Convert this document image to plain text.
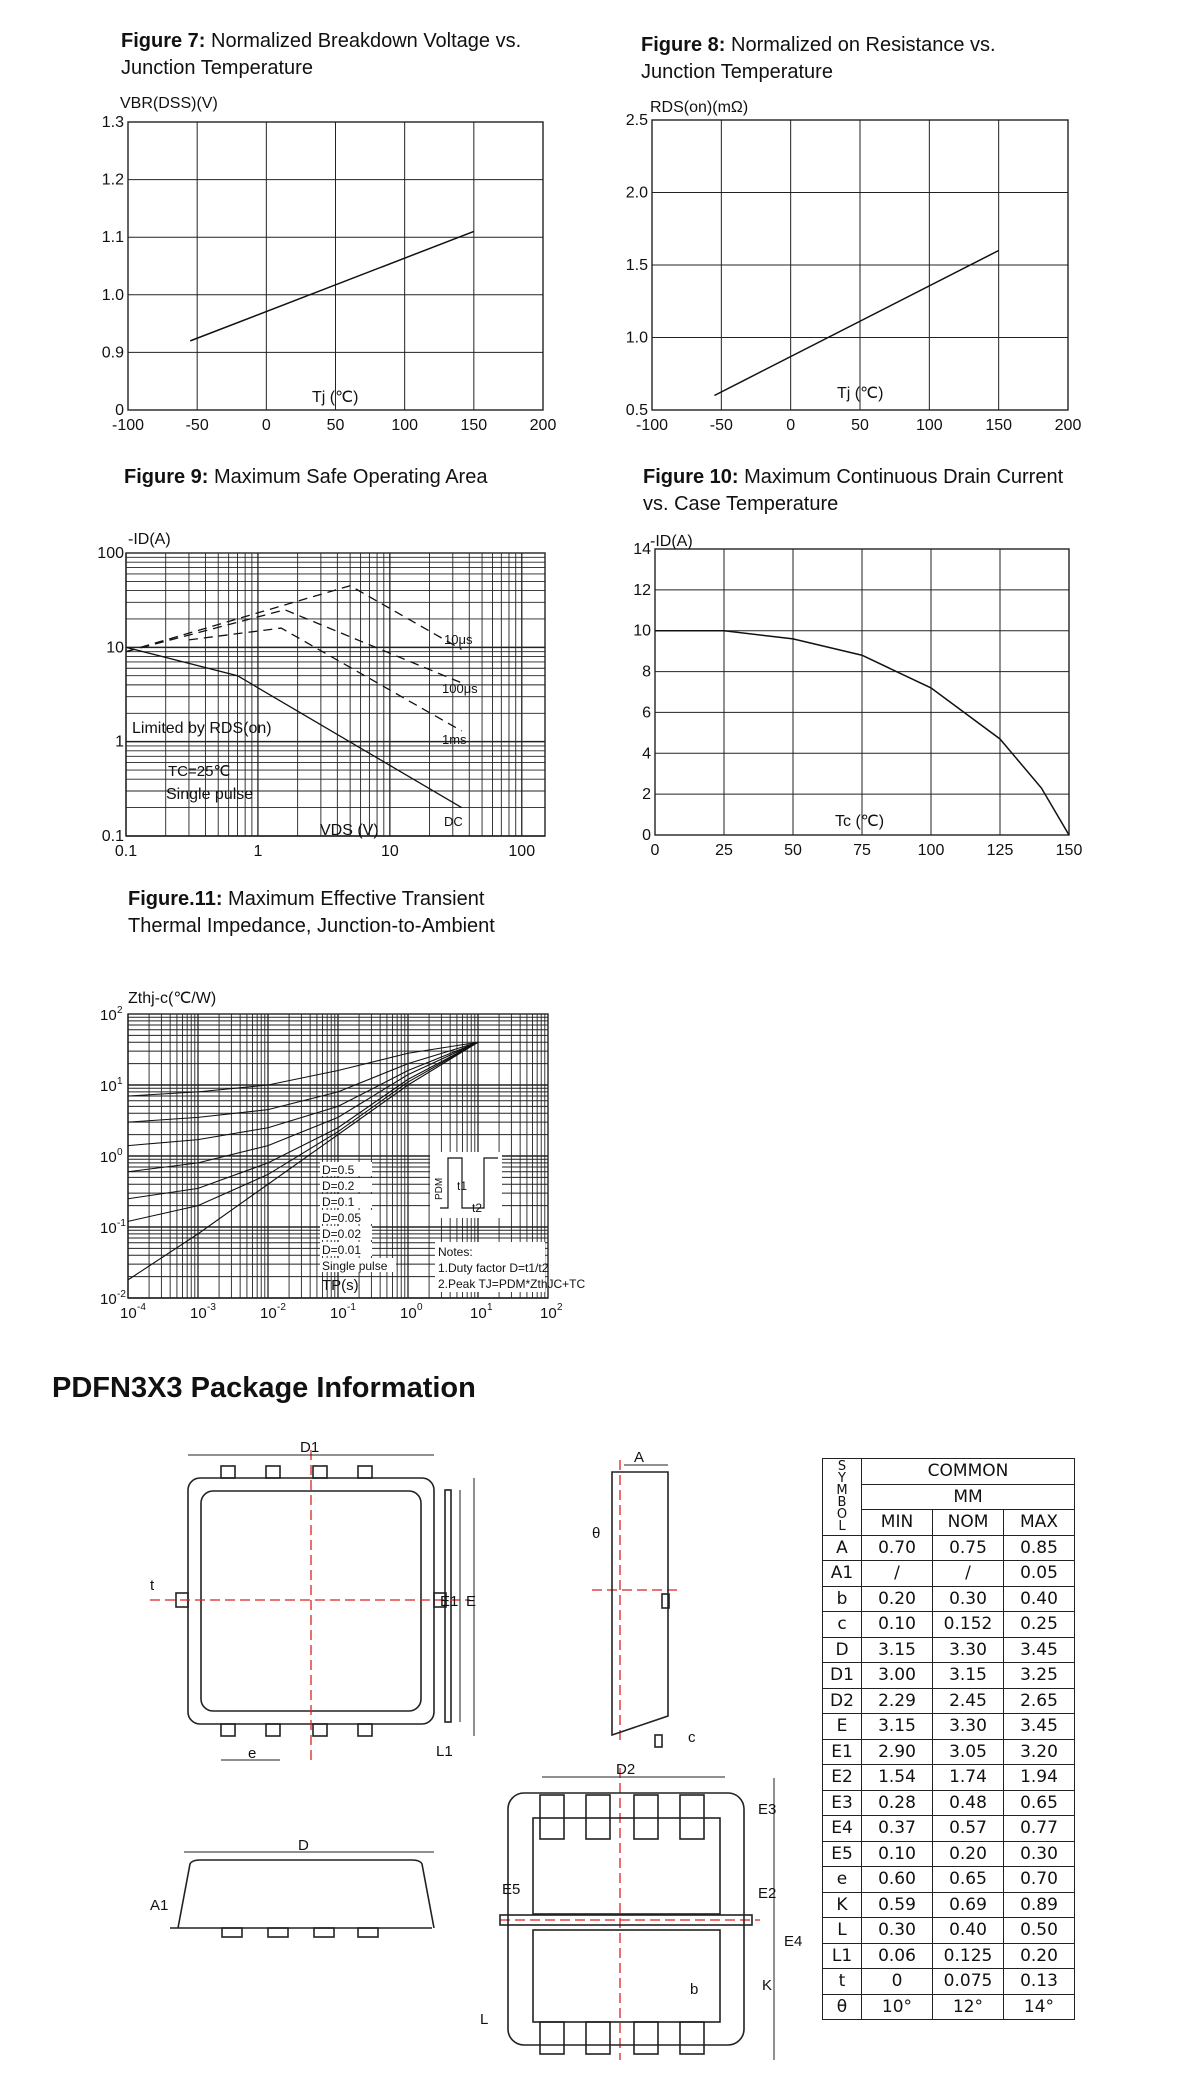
Figure 7: Normalized Breakdown Voltage vs.
Junction Temperature
Figure 8: Normalized on Resistance vs.
Junction Temperature
Figure 9: Maximum Safe Operating Area	Figure 10: Maximum Continuous Drain Current
vs. Case Temperature
Figure.11: Maximum Effective Transient
Thermal Impedance, Junction-to-Ambient
-100	-50	0	50	100	150	200
0
0.9
1.0
1.1
1.2
1.3
VBR(DSS)(V)
Tj (℃)
-100	-50	0	50	100	150	200
0.5
1.0
1.5
2.0
2.5
RDS(on)(mΩ)
Tj (℃)
0.1	1	10	100
0.1
1
10
100
-ID(A)
VDS (V)
Limited by RDS(on)
TC=25℃
Single pulse
10μs
100μs
1ms
DC
0	25	50	75	100	125	150
0
2
4
6
8
10
12
14 -ID(A)
Tc (℃)
10 -4	10 -3	10 -2	10 -1	10 0	10 1	10 2
10 -2
10 -1
10 0
10 1
10 2
Zthj-c(℃/W)
TP(s)
D=0.5
D=0.2
D=0.1
D=0.05
D=0.02
D=0.01
Single pulse
Notes:
1.Duty factor D=t1/t2
2.Peak TJ=PDM*ZthJC+TC
t1
t2
PDM
PDFN3X3 Package Information
D1
t
E1 E
e	L1
A
θ
c
D2
E3
E5	E2
E4
b	K
L
D
A1
SYMBOL	COMMON		
	MM		
	MIN	NOM	MAX
A	0.70	0.75	0.85
A1	/	/	0.05
b	0.20	0.30	0.40
c	0.10	0.152	0.25
D	3.15	3.30	3.45
D1	3.00	3.15	3.25
D2	2.29	2.45	2.65
E	3.15	3.30	3.45
E1	2.90	3.05	3.20
E2	1.54	1.74	1.94
E3	0.28	0.48	0.65
E4	0.37	0.57	0.77
E5	0.10	0.20	0.30
e	0.60	0.65	0.70
K	0.59	0.69	0.89
L	0.30	0.40	0.50
L1	0.06	0.125	0.20
t	0	0.075	0.13
θ	10°	12°	14°
